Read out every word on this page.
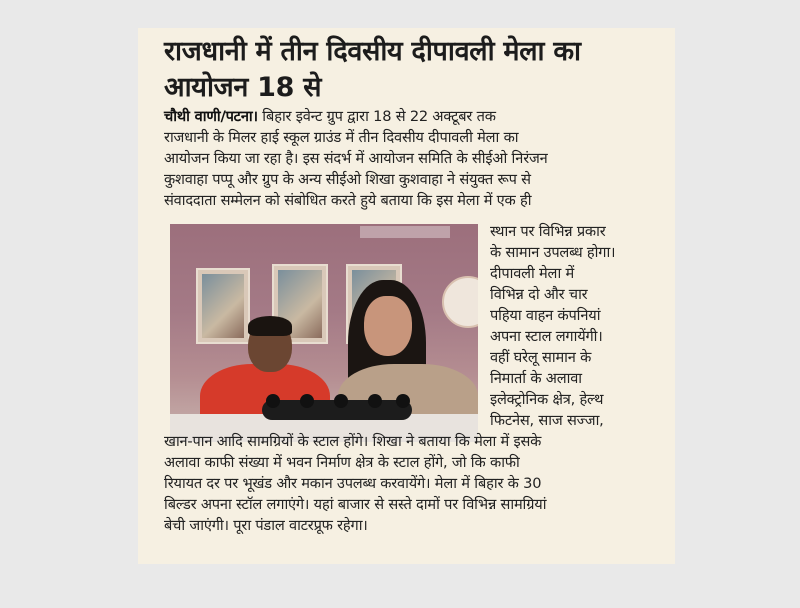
राजधानी में तीन दिवसीय दीपावली मेला का
आयोजन 18 से
चौथी वाणी/पटना। बिहार इवेन्ट ग्रुप द्वारा 18 से 22 अक्टूबर तक
राजधानी के मिलर हाई स्कूल ग्राउंड में तीन दिवसीय दीपावली मेला का
आयोजन किया जा रहा है। इस संदर्भ में आयोजन समिति के सीईओ निरंजन
कुशवाहा पप्पू और ग्रुप के अन्य सीईओ शिखा कुशवाहा ने संयुक्त रूप से
संवाददाता सम्मेलन को संबोधित करते हुये बताया कि इस मेला में एक ही
स्थान पर विभिन्न प्रकार
के सामान उपलब्ध होगा।
दीपावली मेला में
विभिन्न दो और चार
पहिया वाहन कंपनियां
अपना स्टाल लगायेंगी।
वहीं घरेलू सामान के
निमार्ता के अलावा
इलेक्ट्रोनिक क्षेत्र, हेल्थ
फिटनेस, साज सज्जा,
खान-पान आदि सामग्रियों के स्टाल होंगे। शिखा ने बताया कि मेला में इसके
अलावा काफी संख्या में भवन निर्माण क्षेत्र के स्टाल होंगे, जो कि काफी
रियायत दर पर भूखंड और मकान उपलब्ध करवायेंगे। मेला में बिहार के 30
बिल्डर अपना स्टॉल लगाएंगे। यहां बाजार से सस्ते दामों पर विभिन्न सामग्रियां
बेची जाएंगी। पूरा पंडाल वाटरप्रूफ रहेगा।
